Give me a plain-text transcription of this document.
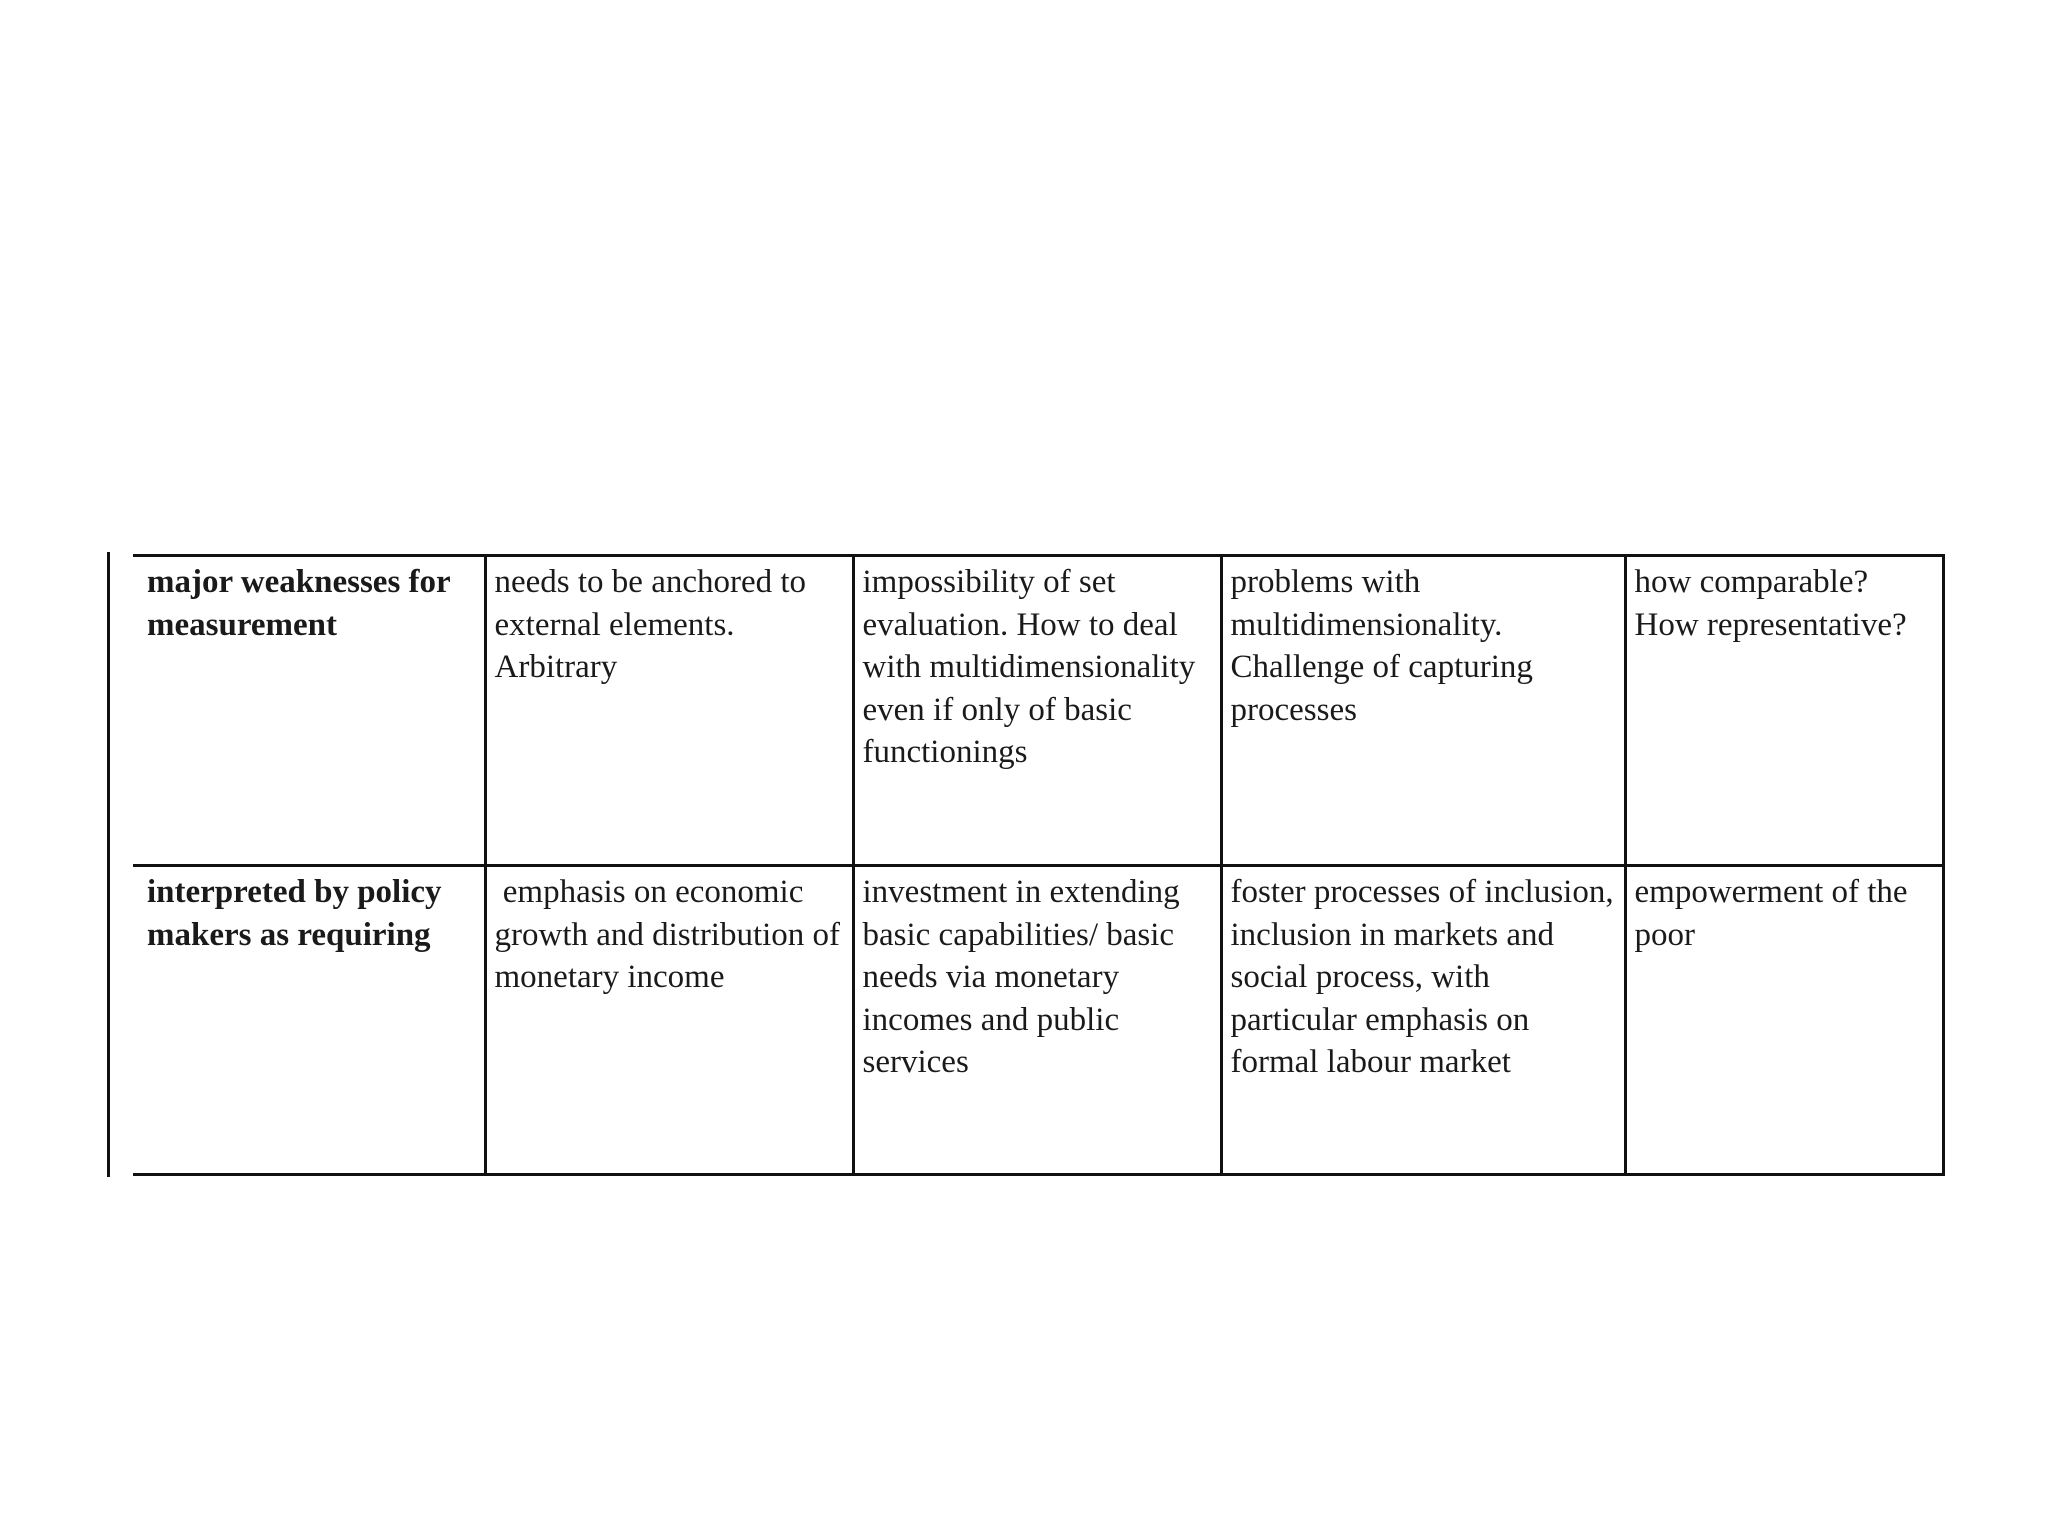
major weaknesses for measurement	needs to be anchored to external elements. Arbitrary	impossibility of set evaluation. How to deal with multidimensionality even if only of basic functionings	problems with multidimensionality. Challenge of capturing processes	how comparable? How representative?
interpreted by policy makers as requiring	emphasis on economic growth and distribution of monetary income	investment in extending basic capabilities/ basic needs via monetary incomes and public services	foster processes of inclusion, inclusion in markets and social process, with particular emphasis on formal labour market	empowerment of the poor
